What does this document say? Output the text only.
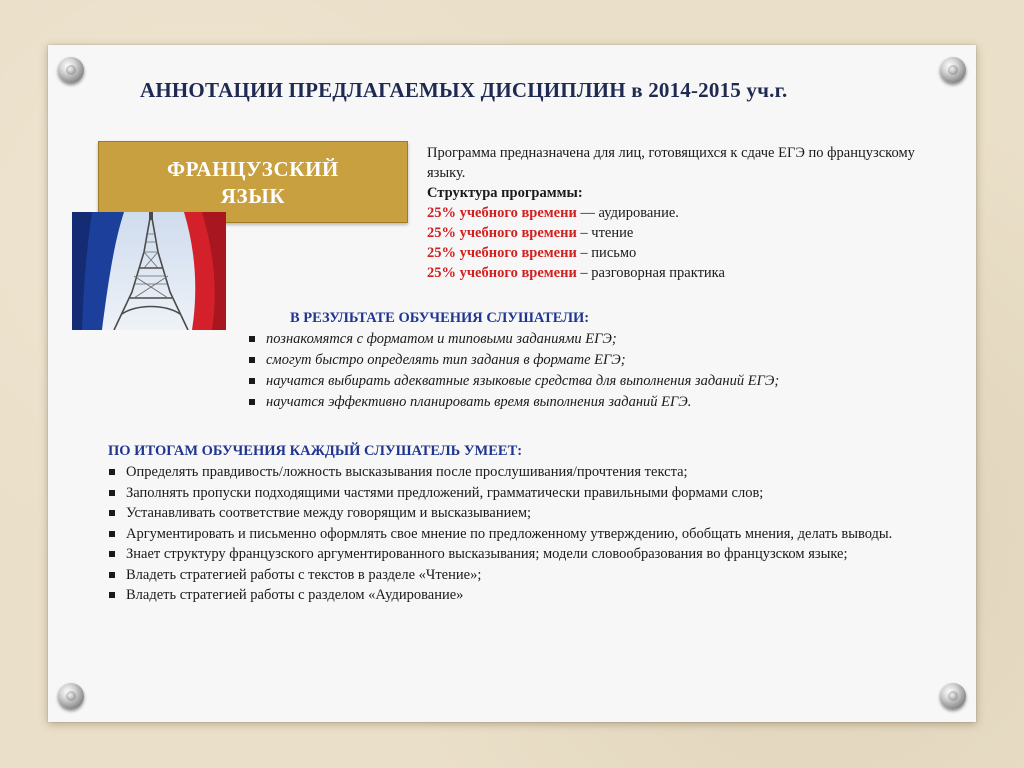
АННОТАЦИИ ПРЕДЛАГАЕМЫХ ДИСЦИПЛИН в 2014-2015 уч.г.
ФРАНЦУЗСКИЙ
ЯЗЫК

Программа предназначена для лиц, готовящихся к сдаче ЕГЭ по французскому языку.

Структура программы:

25% учебного времени — аудирование.

25% учебного времени – чтение

25% учебного времени – письмо

25% учебного времени – разговорная практика

В РЕЗУЛЬТАТЕ ОБУЧЕНИЯ СЛУШАТЕЛИ:
познакомятся с форматом и типовыми заданиями ЕГЭ;
смогут быстро определять тип задания в формате ЕГЭ;
научатся выбирать адекватные языковые средства для выполнения заданий ЕГЭ;
научатся эффективно планировать время выполнения заданий ЕГЭ.
ПО ИТОГАМ ОБУЧЕНИЯ КАЖДЫЙ СЛУШАТЕЛЬ УМЕЕТ:
Определять правдивость/ложность высказывания после прослушивания/прочтения текста;
Заполнять пропуски подходящими частями предложений, грамматически правильными формами слов;
Устанавливать соответствие между говорящим и высказыванием;
Аргументировать и письменно оформлять свое мнение по предложенному утверждению, обобщать мнения, делать выводы.
Знает структуру французского аргументированного высказывания; модели словообразования во французском языке;
Владеть стратегией работы с текстов в разделе «Чтение»;
Владеть стратегией работы с разделом «Аудирование»
